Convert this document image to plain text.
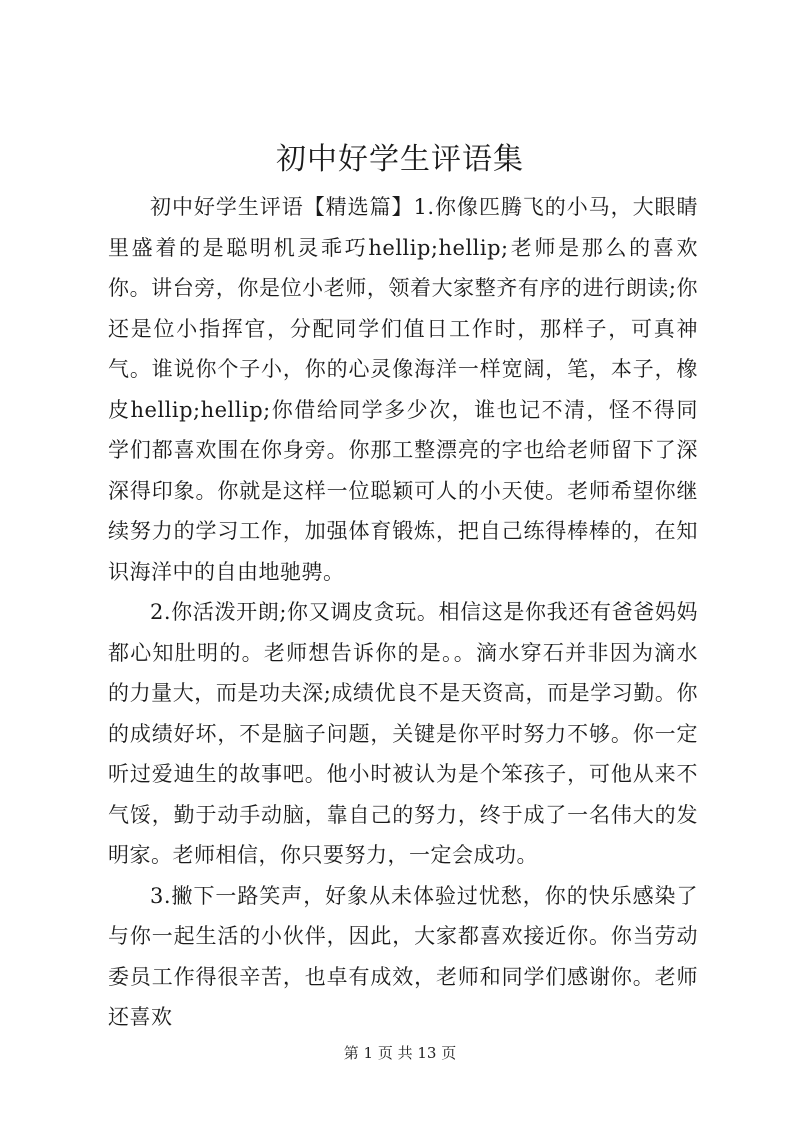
初中好学生评语集

初中好学生评语【精选篇】1.你像匹腾飞的小马，大眼睛里盛着的是聪明机灵乖巧hellip;hellip;老师是那么的喜欢你。讲台旁，你是位小老师，领着大家整齐有序的进行朗读;你还是位小指挥官，分配同学们值日工作时，那样子，可真神气。谁说你个子小，你的心灵像海洋一样宽阔，笔，本子，橡皮hellip;hellip;你借给同学多少次，谁也记不清，怪不得同学们都喜欢围在你身旁。你那工整漂亮的字也给老师留下了深深得印象。你就是这样一位聪颖可人的小天使。老师希望你继续努力的学习工作，加强体育锻炼，把自己练得棒棒的，在知识海洋中的自由地驰骋。

2.你活泼开朗;你又调皮贪玩。相信这是你我还有爸爸妈妈都心知肚明的。老师想告诉你的是。。滴水穿石并非因为滴水的力量大，而是功夫深;成绩优良不是天资高，而是学习勤。你的成绩好坏，不是脑子问题，关键是你平时努力不够。你一定听过爱迪生的故事吧。他小时被认为是个笨孩子，可他从来不气馁，勤于动手动脑，靠自己的努力，终于成了一名伟大的发明家。老师相信，你只要努力，一定会成功。

3.撇下一路笑声，好象从未体验过忧愁，你的快乐感染了与你一起生活的小伙伴，因此，大家都喜欢接近你。你当劳动委员工作得很辛苦，也卓有成效，老师和同学们感谢你。老师还喜欢

第 1 页 共 13 页
